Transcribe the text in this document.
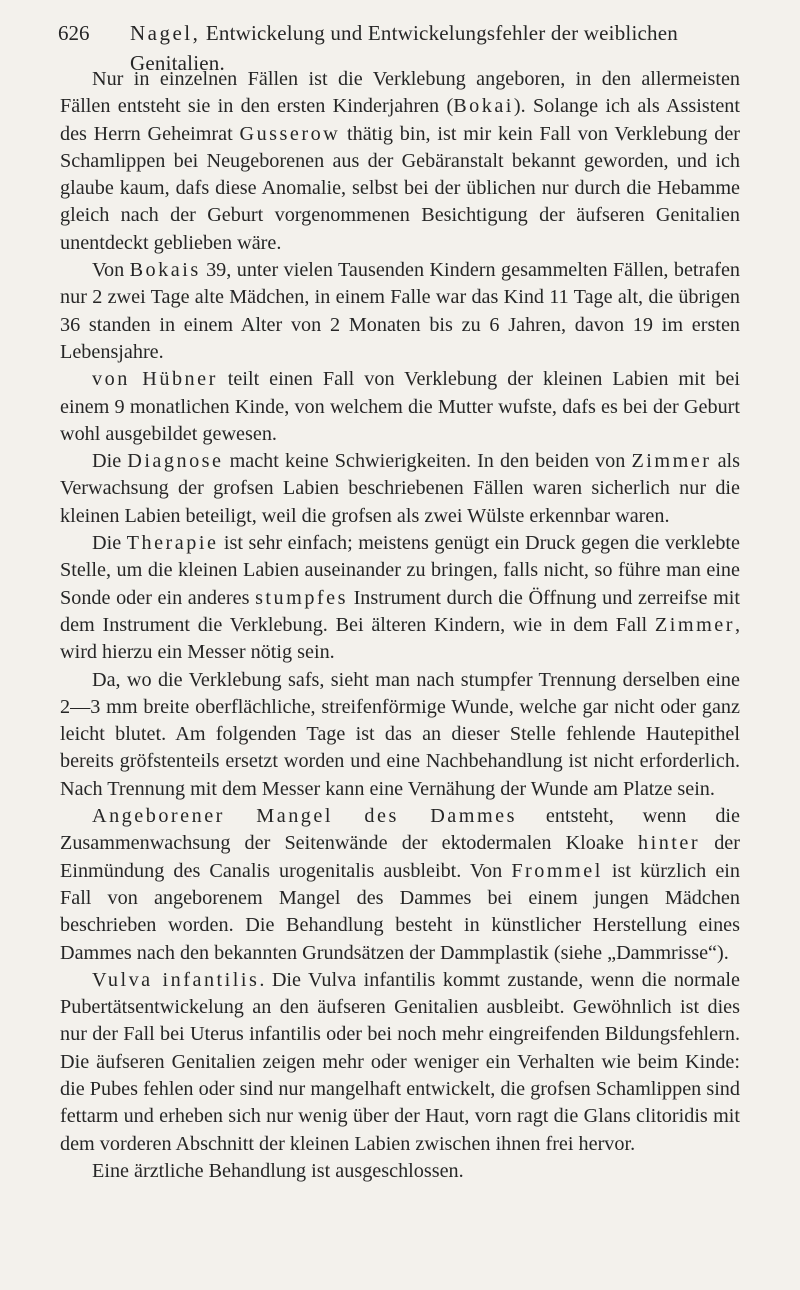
626 Nagel, Entwickelung und Entwickelungsfehler der weiblichen Genitalien.

Nur in einzelnen Fällen ist die Verklebung angeboren, in den allermeisten Fällen entsteht sie in den ersten Kinderjahren (Bokai). Solange ich als Assistent des Herrn Geheimrat Gusserow thätig bin, ist mir kein Fall von Verklebung der Schamlippen bei Neugeborenen aus der Gebäranstalt bekannt geworden, und ich glaube kaum, dafs diese Anomalie, selbst bei der üblichen nur durch die Hebamme gleich nach der Geburt vorgenommenen Besichtigung der äufseren Genitalien unentdeckt geblieben wäre.

Von Bokais 39, unter vielen Tausenden Kindern gesammelten Fällen, betrafen nur 2 zwei Tage alte Mädchen, in einem Falle war das Kind 11 Tage alt, die übrigen 36 standen in einem Alter von 2 Monaten bis zu 6 Jahren, davon 19 im ersten Lebensjahre.

von Hübner teilt einen Fall von Verklebung der kleinen Labien mit bei einem 9 monatlichen Kinde, von welchem die Mutter wufste, dafs es bei der Geburt wohl ausgebildet gewesen.

Die Diagnose macht keine Schwierigkeiten. In den beiden von Zimmer als Verwachsung der grofsen Labien beschriebenen Fällen waren sicherlich nur die kleinen Labien beteiligt, weil die grofsen als zwei Wülste erkennbar waren.

Die Therapie ist sehr einfach; meistens genügt ein Druck gegen die verklebte Stelle, um die kleinen Labien auseinander zu bringen, falls nicht, so führe man eine Sonde oder ein anderes stumpfes Instrument durch die Öffnung und zerreifse mit dem Instrument die Verklebung. Bei älteren Kindern, wie in dem Fall Zimmer, wird hierzu ein Messer nötig sein.

Da, wo die Verklebung safs, sieht man nach stumpfer Trennung derselben eine 2—3 mm breite oberflächliche, streifenförmige Wunde, welche gar nicht oder ganz leicht blutet. Am folgenden Tage ist das an dieser Stelle fehlende Hautepithel bereits gröfstenteils ersetzt worden und eine Nachbehandlung ist nicht erforderlich. Nach Trennung mit dem Messer kann eine Vernähung der Wunde am Platze sein.

Angeborener Mangel des Dammes entsteht, wenn die Zusammenwachsung der Seitenwände der ektodermalen Kloake hinter der Einmündung des Canalis urogenitalis ausbleibt. Von Frommel ist kürzlich ein Fall von angeborenem Mangel des Dammes bei einem jungen Mädchen beschrieben worden. Die Behandlung besteht in künstlicher Herstellung eines Dammes nach den bekannten Grundsätzen der Dammplastik (siehe „Dammrisse“).

Vulva infantilis. Die Vulva infantilis kommt zustande, wenn die normale Pubertätsentwickelung an den äufseren Genitalien ausbleibt. Gewöhnlich ist dies nur der Fall bei Uterus infantilis oder bei noch mehr eingreifenden Bildungsfehlern. Die äufseren Genitalien zeigen mehr oder weniger ein Verhalten wie beim Kinde: die Pubes fehlen oder sind nur mangelhaft entwickelt, die grofsen Schamlippen sind fettarm und erheben sich nur wenig über der Haut, vorn ragt die Glans clitoridis mit dem vorderen Abschnitt der kleinen Labien zwischen ihnen frei hervor.

Eine ärztliche Behandlung ist ausgeschlossen.
